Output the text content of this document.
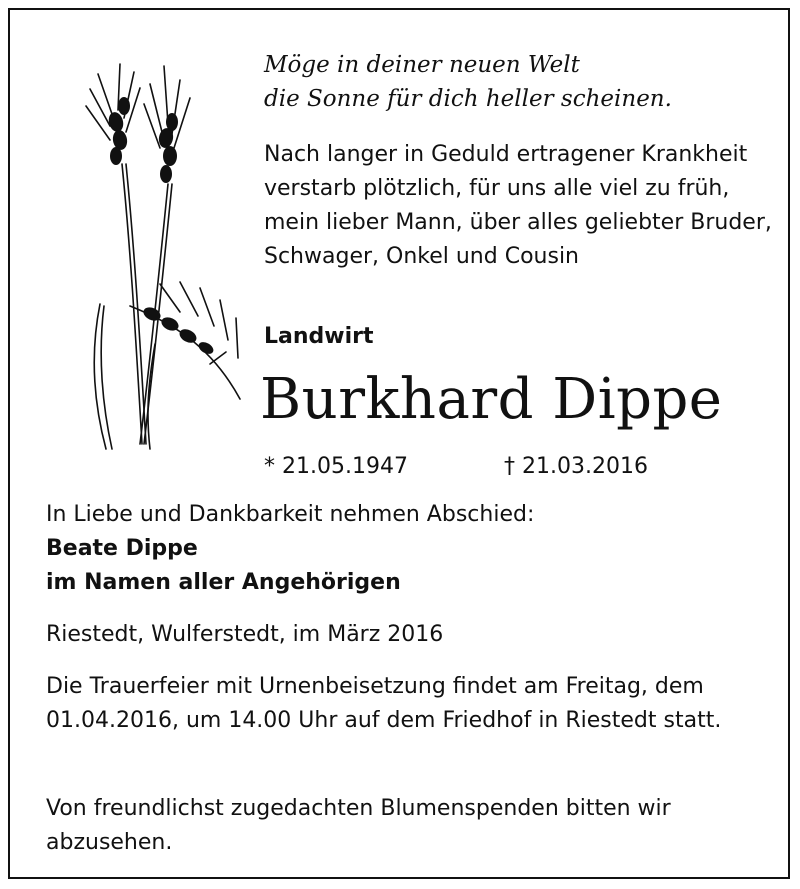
Möge in deiner neuen Welt
die Sonne für dich heller scheinen.

Nach langer in Geduld ertragener Krankheit verstarb plötzlich, für uns alle viel zu früh, mein lieber Mann, über alles geliebter Bruder, Schwager, Onkel und Cousin

Landwirt

Burkhard Dippe

* 21.05.1947	† 21.03.2016

In Liebe und Dankbarkeit nehmen Abschied:

Beate Dippe
im Namen aller Angehörigen

Riestedt, Wulferstedt, im März 2016

Die Trauerfeier mit Urnenbeisetzung findet am Freitag, dem 01.04.2016, um 14.00 Uhr auf dem Friedhof in Riestedt statt.

Von freundlichst zugedachten Blumenspenden bitten wir abzusehen.
